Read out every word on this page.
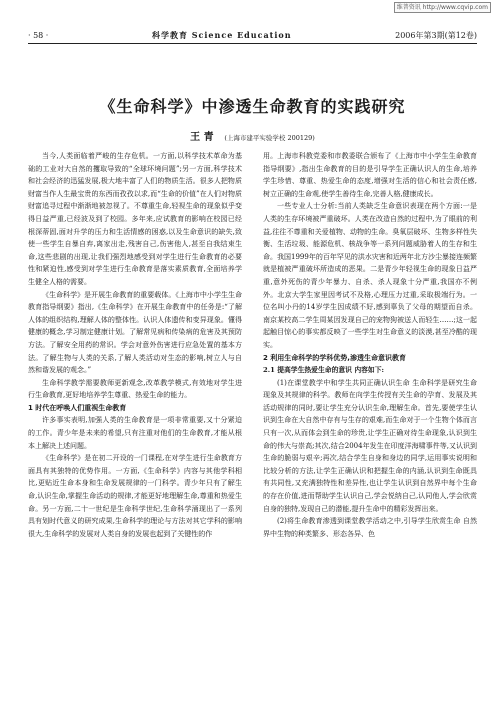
维普资讯 http://www.cqvip.com
· 58 ·	科学教育 Science Education	2006年第3期(第12卷)
《生命科学》中渗透生命教育的实践研究
王 青 (上海市建平实验学校 200129)

当今,人类面临着严峻的生存危机。一方面,以科学技术革命为基础的工业对大自然的攫取导致的“全球环境问题”;另一方面,科学技术和社会经济的迅猛发展,极大地丰富了人们的物质生活。很多人把物质财富当作人生最宝贵的东西而孜孜以求,而“生命的价值”在人们对物质财富追寻过程中渐渐地被忽视了。不尊重生命,轻视生命的现象似乎变得日益严重,已经波及到了校园。多年来,应试教育的影响在校园已经根深蒂固,面对升学的压力和生活情感的困惑,以及生命意识的缺失,致使一些学生自暴自弃,离家出走,残害自己,伤害他人,甚至自我结束生命,这些悲剧的出现,让我们强烈地感受到对学生进行生命教育的必要性和紧迫性,感受到对学生进行生命教育是落实素质教育,全面培养学生健全人格的需要。

《生命科学》是开展生命教育的重要载体。《上海市中小学生生命教育指导纲要》指出,《生命科学》在开展生命教育中的任务是:“了解人体的组织结构,理解人体的整体性。认识人体遗传和变异现象。懂得健康的概念,学习制定健康计划。了解常见病和传染病的危害及其预防方法。了解安全用药的常识。学会对意外伤害进行应急处置的基本方法。了解生物与人类的关系,了解人类活动对生态的影响,树立人与自然和谐发展的观念。”

生命科学教学需要教师更新观念,改革教学模式,有效地对学生进行生命教育,更好地培养学生尊重、热爱生命的能力。

1 时代在呼唤人们重视生命教育

许多事实表明,加强人类的生命教育是一项非常重要,又十分紧迫的工作。青少年是未来的希望,只有注重对他们的生命教育,才能从根本上解决上述问题。

《生命科学》是在初二开设的一门课程,在对学生进行生命教育方面具有其独特的优势作用。一方面,《生命科学》内容与其他学科相比,更贴近生命本身和生命发展规律的一门科学。青少年只有了解生命,认识生命,掌握生命活动的规律,才能更好地理解生命,尊重和热爱生命。另一方面,二十一世纪是生命科学世纪,生命科学涌现出了一系列具有划时代意义的研究成果,生命科学的理论与方法对其它学科的影响很大,生命科学的发展对人类自身的发展也起到了关键性的作

用。上海市科教党委和市教委联合颁布了《上海市中小学生生命教育指导纲要》,指出生命教育的目的是引导学生正确认识人的生命,培养学生珍惜、尊重、热爱生命的态度,增强对生活的信心和社会责任感,树立正确的生命观,使学生善待生命,完善人格,健康成长。

一些专业人士分析:当前人类缺乏生命意识表现在两个方面:一是人类的生存环境被严重破坏。人类在改造自然的过程中,为了眼前的利益,往往不尊重和关爱植物、动物的生命。臭氧层破坏、生物多样性失衡、生活垃圾、能源危机、核战争等一系列问题威胁着人的生存和生命。我国1999年的百年罕见的洪水灾害和近两年北方沙尘暴接连频繁就是植被严重破坏所造成的恶果。二是青少年轻视生命的现象日益严重,意外死伤的青少年暴力、自杀、杀人现象十分严重,我国亦不例外。北京大学生家里因考试不及格,心理压力过重,采取极端行为。一位名叫小丹的14岁学生因成绩不好,感到辜负了父母的期望而自杀。南京某校高二学生周某因发现自己的宠物狗被送人而轻生……;这一起起触目惊心的事实都反映了一些学生对生命意义的淡漠,甚至冷酷的现实。

2 利用生命科学的学科优势,渗透生命意识教育
2.1 提高学生热爱生命的意识 内容如下:

(1)在课堂教学中和学生共同正确认识生命 生命科学是研究生命现象及其规律的科学。教师在向学生传授有关生命的孕育、发展及其活动规律的同时,要让学生充分认识生命,理解生命。首先,要使学生认识到生命在大自然中存有与生存的艰难,而生命对于一个生物个体而言只有一次,从而体会到生命的珍贵,让学生正确对待生命现象,认识到生命的伟大与崇高;其次,结合2004年发生在印度洋海啸事件等,又认识到生命的脆弱与艰辛;再次,结合学生自身和身边的同学,运用事实说明和比较分析的方法,让学生正确认识和把握生命的内涵,认识到生命既具有共同性,又充满独特性和差异性,也让学生认识到自然界中每个生命的存在价值,进而帮助学生认识自己,学会悦纳自己,认同他人,学会欣赏自身的独特,发现自己的潜能,提升生命中的精彩发挥出来。

(2)将生命教育渗透到课堂教学活动之中,引导学生欣赏生命 自然界中生物的种类繁多、形态各异、色
